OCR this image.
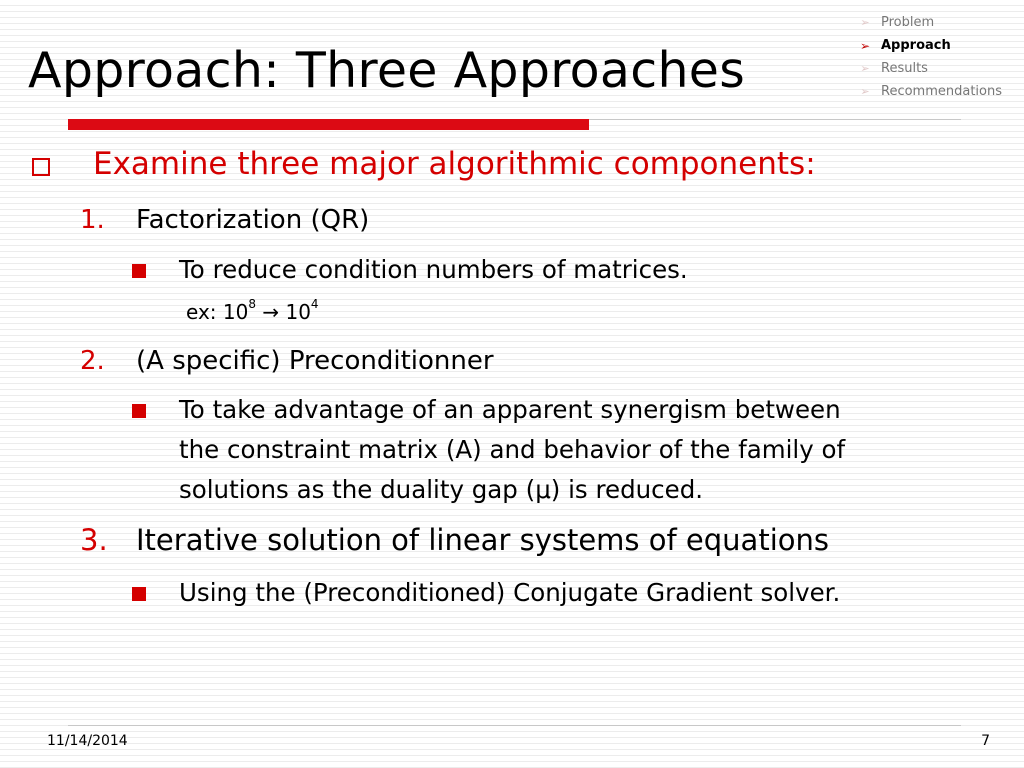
Approach: Three Approaches
➢ Problem
➢ Approach
➢ Results
➢ Recommendations
Examine three major algorithmic components:
1. Factorization (QR)
To reduce condition numbers of matrices.
ex: $10^8 \to 10^4$
2. (A specific) Preconditionner
To take advantage of an apparent synergism between
the constraint matrix (A) and behavior of the family of
solutions as the duality gap (μ) is reduced.
3. Iterative solution of linear systems of equations
Using the (Preconditioned) Conjugate Gradient solver.
11/14/2014	7
